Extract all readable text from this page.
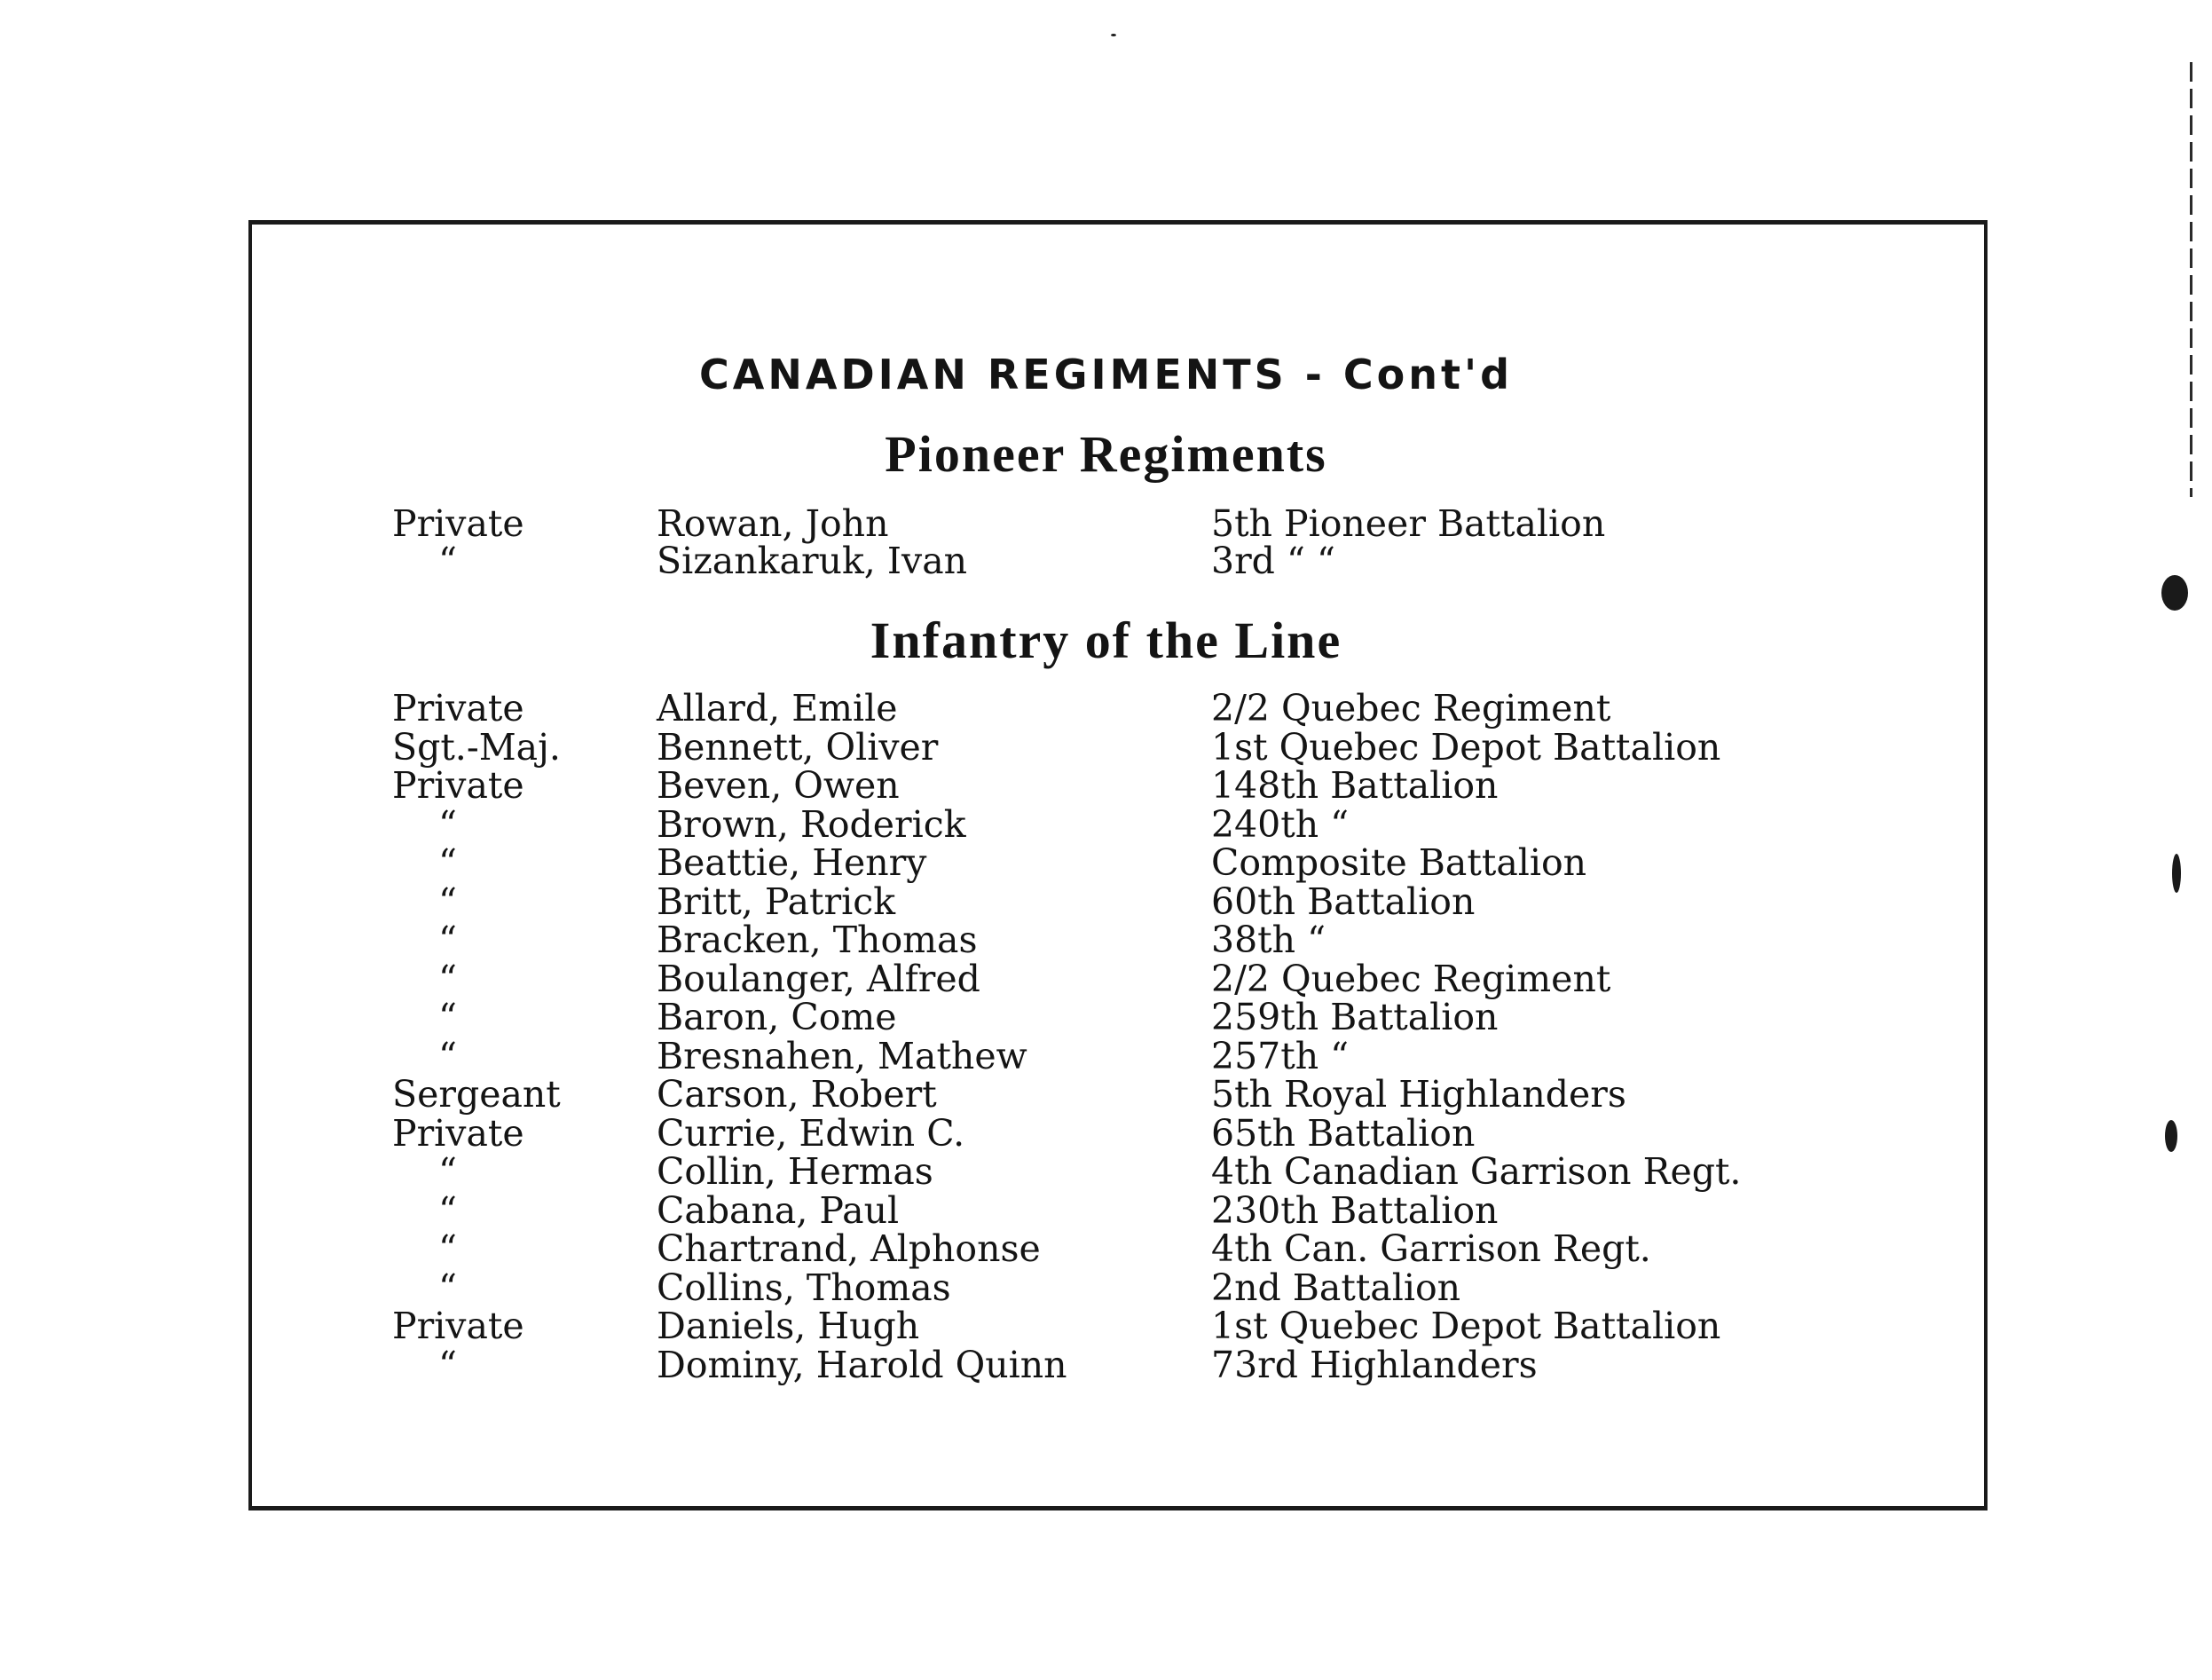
CANADIAN REGIMENTS - Cont'd
Pioneer Regiments
Private	Rowan, John	5th Pioneer Battalion
“	Sizankaruk, Ivan	3rd “ “
Infantry of the Line
Private	Allard, Emile	2/2 Quebec Regiment
Sgt.-Maj.	Bennett, Oliver	1st Quebec Depot Battalion
Private	Beven, Owen	148th Battalion
“	Brown, Roderick	240th “
“	Beattie, Henry	Composite Battalion
“	Britt, Patrick	60th Battalion
“	Bracken, Thomas	38th “
“	Boulanger, Alfred	2/2 Quebec Regiment
“	Baron, Come	259th Battalion
“	Bresnahen, Mathew	257th “
Sergeant	Carson, Robert	5th Royal Highlanders
Private	Currie, Edwin C.	65th Battalion
“	Collin, Hermas	4th Canadian Garrison Regt.
“	Cabana, Paul	230th Battalion
“	Chartrand, Alphonse	4th Can. Garrison Regt.
“	Collins, Thomas	2nd Battalion
Private	Daniels, Hugh	1st Quebec Depot Battalion
“	Dominy, Harold Quinn	73rd Highlanders
